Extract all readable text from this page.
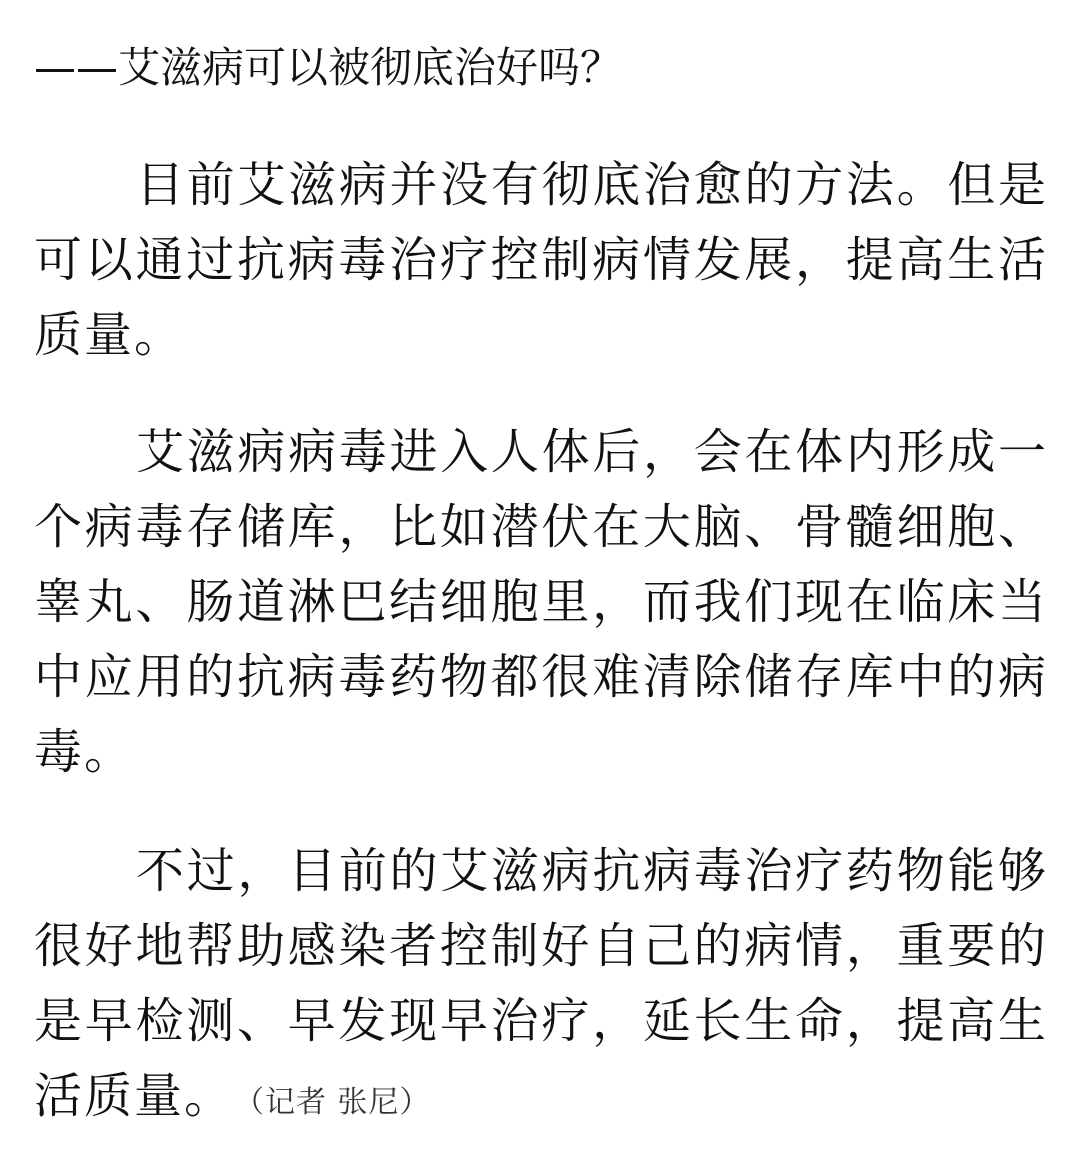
——艾滋病可以被彻底治好吗？

目前艾滋病并没有彻底治愈的方法。但是可以通过抗病毒治疗控制病情发展，提高生活质量。

艾滋病病毒进入人体后，会在体内形成一个病毒存储库，比如潜伏在大脑、骨髓细胞、睾丸、肠道淋巴结细胞里，而我们现在临床当中应用的抗病毒药物都很难清除储存库中的病毒。

不过，目前的艾滋病抗病毒治疗药物能够很好地帮助感染者控制好自己的病情，重要的是早检测、早发现早治疗，延长生命，提高生活质量。（记者 张尼）
